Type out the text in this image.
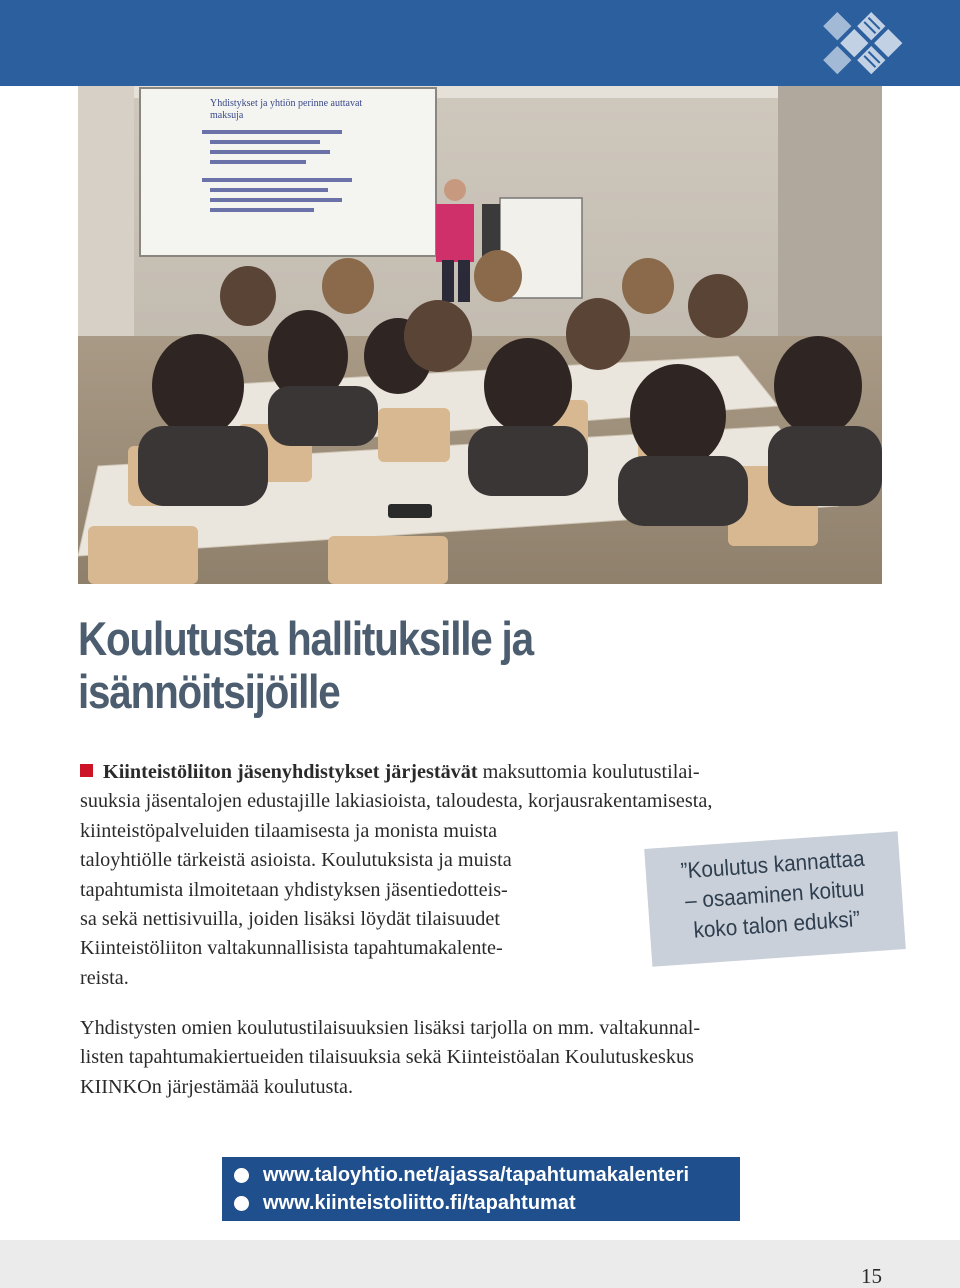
Yhdistykset ja yhtiön perinne auttavat
maksuja
Koulutusta hallituksille ja
isännöitsijöille
Kiinteistöliiton jäsenyhdistykset järjestävät maksuttomia koulutustilai-
suuksia jäsentalojen edustajille lakiasioista, taloudesta, korjausrakentamisesta,
kiinteistöpalveluiden tilaamisesta ja monista muista
taloyhtiölle tärkeistä asioista. Koulutuksista ja muista
tapahtumista ilmoitetaan yhdistyksen jäsentiedotteis-
sa sekä nettisivuilla, joiden lisäksi löydät tilaisuudet
Kiinteistöliiton valtakunnallisista tapahtumakalente-
reista.
”Koulutus kannattaa
– osaaminen koituu
koko talon eduksi”
Yhdistysten omien koulutustilaisuuksien lisäksi tarjolla on mm. valtakunnal-
listen tapahtumakiertueiden tilaisuuksia sekä Kiinteistöalan Koulutuskeskus
KIINKOn järjestämää koulutusta.
www.taloyhtio.net/ajassa/tapahtumakalenteri
www.kiinteistoliitto.fi/tapahtumat
15
